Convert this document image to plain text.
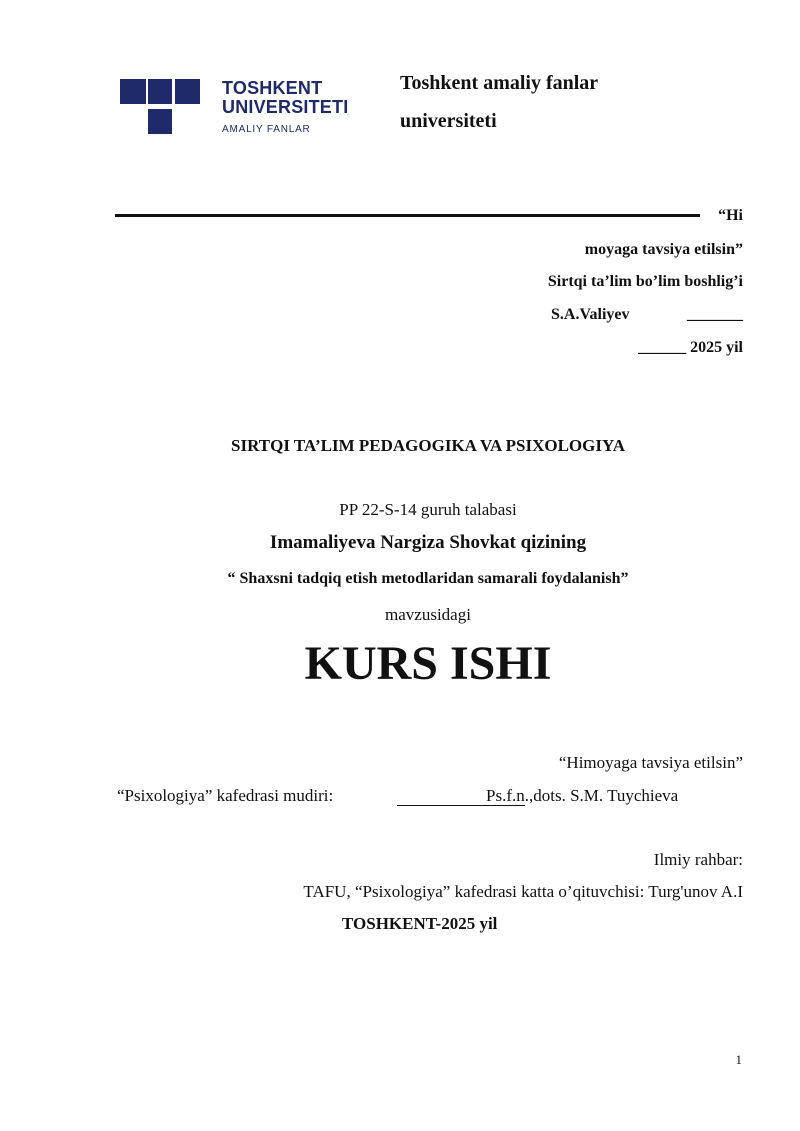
TOSHKENT
UNIVERSITETI
AMALIY FANLAR
Toshkent amaliy fanlar
universiteti
“Hi
moyaga tavsiya etilsin”
Sirtqi ta’lim bo’lim boshlig’i
S.A.Valiyev	_______
______ 2025 yil
SIRTQI TA’LIM PEDAGOGIKA VA PSIXOLOGIYA
PP 22-S-14 guruh talabasi
Imamaliyeva Nargiza Shovkat qizining
“ Shaxsni tadqiq etish metodlaridan samarali foydalanish”
mavzusidagi
KURS ISHI
“Himoyaga tavsiya etilsin”
“Psixologiya” kafedrasi mudiri:	Ps.f.n.,dots. S.M. Tuychieva
Ilmiy rahbar:
TAFU, “Psixologiya” kafedrasi katta o’qituvchisi: Turg'unov A.I
TOSHKENT-2025 yil
1
